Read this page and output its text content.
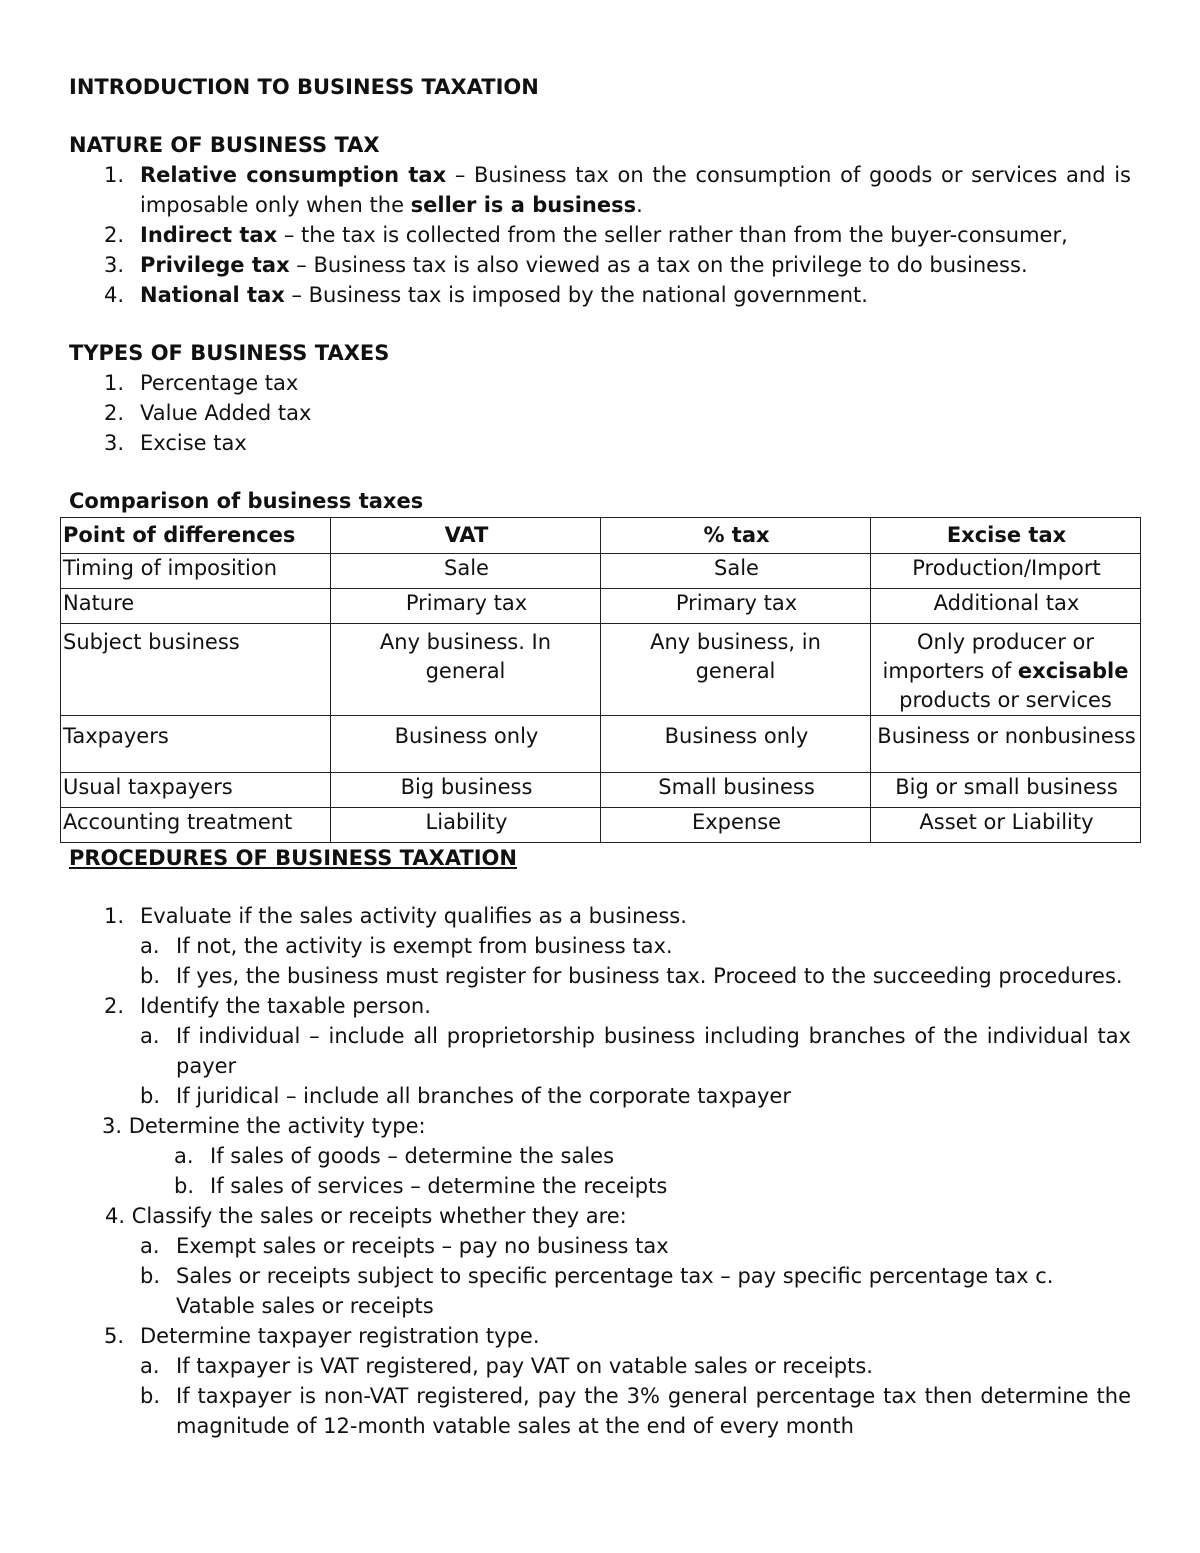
INTRODUCTION TO BUSINESS TAXATION

NATURE OF BUSINESS TAX

1. Relative consumption tax – Business tax on the consumption of goods or services and is imposable only when the seller is a business.
2. Indirect tax – the tax is collected from the seller rather than from the buyer-consumer,
3. Privilege tax – Business tax is also viewed as a tax on the privilege to do business.
4. National tax – Business tax is imposed by the national government.

TYPES OF BUSINESS TAXES

1. Percentage tax
2. Value Added tax
3. Excise tax

Comparison of business taxes

Point of differences	VAT	% tax	Excise tax
Timing of imposition	Sale	Sale	Production/Import
Nature	Primary tax	Primary tax	Additional tax
Subject business	Any business. In general	Any business, in general	Only producer or importers of excisable products or services
Taxpayers	Business only	Business only	Business or nonbusiness
Usual taxpayers	Big business	Small business	Big or small business
Accounting treatment	Liability	Expense	Asset or Liability

PROCEDURES OF BUSINESS TAXATION

1. Evaluate if the sales activity qualifies as a business.
a. If not, the activity is exempt from business tax.
b. If yes, the business must register for business tax. Proceed to the succeeding procedures.
2. Identify the taxable person.
a. If individual – include all proprietorship business including branches of the individual tax payer
b. If juridical – include all branches of the corporate taxpayer
3. Determine the activity type:
a. If sales of goods – determine the sales
b. If sales of services – determine the receipts
4. Classify the sales or receipts whether they are:
a. Exempt sales or receipts – pay no business tax
b. Sales or receipts subject to specific percentage tax – pay specific percentage tax c. Vatable sales or receipts
5. Determine taxpayer registration type.
a. If taxpayer is VAT registered, pay VAT on vatable sales or receipts.
b. If taxpayer is non-VAT registered, pay the 3% general percentage tax then determine the magnitude of 12-month vatable sales at the end of every month
